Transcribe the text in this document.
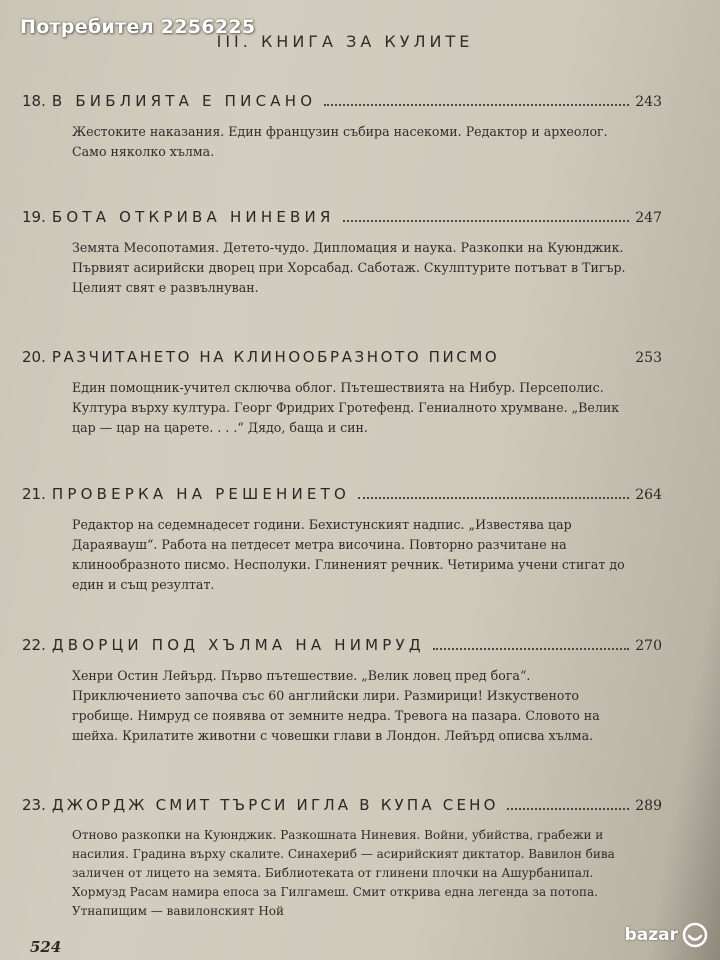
Потребител 2256225
III. КНИГА ЗА КУЛИТЕ
18. В БИБЛИЯТА Е ПИСАНО	243
Жестоките наказания. Един французин събира насекоми. Редактор и археолог. Само няколко хълма.
19. БОТА ОТКРИВА НИНЕВИЯ	247
Земята Месопотамия. Детето-чудо. Дипломация и наука. Разкопки на Куюнджик. Първият асирийски дворец при Хорсабад. Саботаж. Скулптурите потъват в Тигър. Целият свят е развълнуван.
20. РАЗЧИТАНЕТО НА КЛИНООБРАЗНОТО ПИСМО	253
Един помощник-учител сключва облог. Пътешествията на Нибур. Персеполис. Култура върху култура. Георг Фридрих Гротефенд. Гениалното хрумване. „Велик цар — цар на царете. . . .“ Дядо, баща и син.
21. ПРОВЕРКА НА РЕШЕНИЕТО	264
Редактор на седемнадесет години. Бехистунският надпис. „Известява цар Дараявауш“. Работа на петдесет метра височина. Повторно разчитане на клинообразното писмо. Несполуки. Глиненият речник. Четирима учени стигат до един и същ резултат.
22. ДВОРЦИ ПОД ХЪЛМА НА НИМРУД	270
Хенри Остин Лейърд. Първо пътешествие. „Велик ловец пред бога“. Приключението започва със 60 английски лири. Размирици! Изкуственото гробище. Нимруд се появява от земните недра. Тревога на пазара. Словото на шейха. Крилатите животни с човешки глави в Лондон. Лейърд описва хълма.
23. ДЖОРДЖ СМИТ ТЪРСИ ИГЛА В КУПА СЕНО	289
Отново разкопки на Куюнджик. Разкошната Ниневия. Войни, убийства, грабежи и насилия. Градина върху скалите. Синахериб — асирийският диктатор. Вавилон бива заличен от лицето на земята. Библиотеката от глинени плочки на Ашурбанипал. Хормузд Расам намира епоса за Гилгамеш. Смит открива една легенда за потопа. Утнапищим — вавилонският Ной
524
bazar
